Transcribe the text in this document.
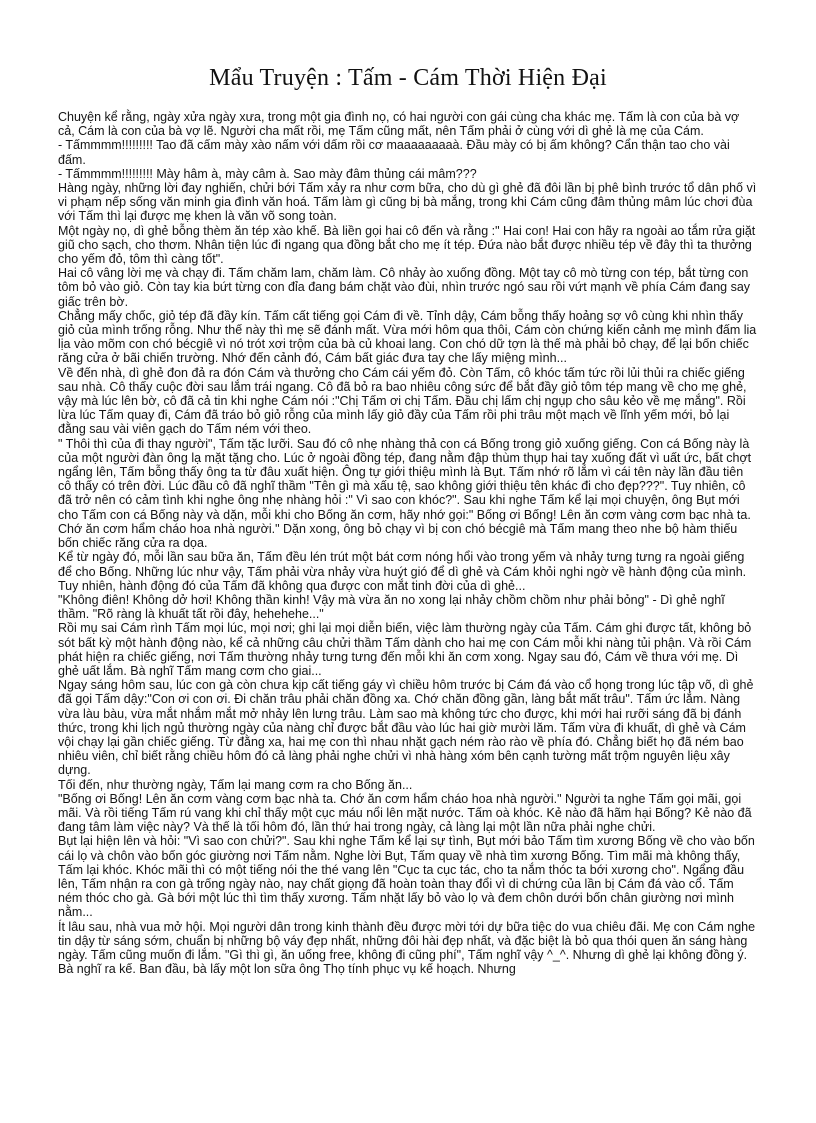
Mẩu Truyện : Tấm - Cám Thời Hiện Đại

Chuyện kể rằng, ngày xửa ngày xưa, trong một gia đình nọ, có hai người con gái cùng cha khác mẹ. Tấm là con của bà vợ cả, Cám là con của bà vợ lẽ. Người cha mất rồi, mẹ Tấm cũng mất, nên Tấm phải ở cùng với dì ghẻ là mẹ của Cám.

- Tấmmmm!!!!!!!!! Tao đã cấm mày xào nấm với dấm rồi cơ maaaaaaaaà. Đầu mày có bị ấm không? Cẩn thận tao cho vài đấm.

- Tấmmmm!!!!!!!!! Mày hâm à, mày câm à. Sao mày đâm thủng cái mâm???

Hàng ngày, những lời đay nghiến, chửi bới Tấm xảy ra như cơm bữa, cho dù gì ghẻ đã đôi lần bị phê bình trước tổ dân phố vì vi phạm nếp sống văn minh gia đình văn hoá. Tấm làm gì cũng bị bà mắng, trong khi Cám cũng đâm thủng mâm lúc chơi đùa với Tấm thì lại được mẹ khen là văn võ song toàn.

Một ngày nọ, dì ghẻ bỗng thèm ăn tép xào khế. Bà liền gọi hai cô đến và rằng :" Hai con! Hai con hãy ra ngoài ao tắm rửa giặt giũ cho sạch, cho thơm. Nhân tiện lúc đi ngang qua đồng bắt cho mẹ ít tép. Đứa nào bắt được nhiều tép về đây thì ta thưởng cho yếm đỏ, tôm thì càng tốt".

Hai cô vâng lời mẹ và chạy đi. Tấm chăm lam, chăm làm. Cô nhảy ào xuống đồng. Một tay cô mò từng con tép, bắt từng con tôm bỏ vào giỏ. Còn tay kia bứt từng con đỉa đang bám chặt vào đùi, nhìn trước ngó sau rồi vứt mạnh về phía Cám đang say giấc trên bờ.

Chẳng mấy chốc, giỏ tép đã đầy kín. Tấm cất tiếng gọi Cám đi về. Tỉnh dậy, Cám bỗng thấy hoảng sợ vô cùng khi nhìn thấy giỏ của mình trống rỗng. Như thế này thì mẹ sẽ đánh mất. Vừa mới hôm qua thôi, Cám còn chứng kiến cảnh mẹ mình đấm lia lịa vào mõm con chó bécgiê vì nó trót xơi trộm của bà củ khoai lang. Con chó dữ tợn là thế mà phải bỏ chạy, để lại bốn chiếc răng cửa ở bãi chiến trường. Nhớ đến cảnh đó, Cám bất giác đưa tay che lấy miệng mình...

Về đến nhà, dì ghẻ đon đả ra đón Cám và thưởng cho Cám cái yếm đỏ. Còn Tấm, cô khóc tấm tức rồi lủi thủi ra chiếc giếng sau nhà. Cô thấy cuộc đời sau lắm trái ngang. Cô đã bỏ ra bao nhiêu công sức để bắt đầy giỏ tôm tép mang về cho mẹ ghẻ, vậy mà lúc lên bờ, cô đã cả tin khi nghe Cám nói :"Chị Tấm ơi chị Tấm. Đầu chị lấm chị ngụp cho sâu kẻo về mẹ mắng". Rồi lừa lúc Tấm quay đi, Cám đã tráo bỏ giỏ rỗng của mình lấy giỏ đầy của Tấm rồi phi trâu một mạch về lĩnh yếm mới, bỏ lại đằng sau vài viên gạch do Tấm ném với theo.

" Thôi thì của đi thay người", Tấm tặc lưỡi. Sau đó cô nhẹ nhàng thả con cá Bống trong giỏ xuống giếng. Con cá Bống này là của một người đàn ông lạ mặt tặng cho. Lúc ở ngoài đồng tép, đang nằm đập thùm thụp hai tay xuống đất vì uất ức, bất chợt ngẩng lên, Tấm bỗng thấy ông ta từ đâu xuất hiện. Ông tự giới thiệu mình là Bụt. Tấm nhớ rõ lắm vì cái tên này lần đầu tiên cô thấy có trên đời. Lúc đầu cô đã nghĩ thầm "Tên gì mà xấu tệ, sao không giới thiệu tên khác đi cho đẹp???". Tuy nhiên, cô đã trở nên có cảm tình khi nghe ông nhẹ nhàng hỏi :" Vì sao con khóc?". Sau khi nghe Tấm kể lại mọi chuyện, ông Bụt mới cho Tấm con cá Bống này và dặn, mỗi khi cho Bống ăn cơm, hãy nhớ gọi:" Bống ơi Bống! Lên ăn cơm vàng cơm bạc nhà ta. Chớ ăn cơm hẩm cháo hoa nhà người." Dặn xong, ông bỏ chạy vì bị con chó bécgiê mà Tấm mang theo nhe bộ hàm thiếu bốn chiếc răng cửa ra dọa.

Kể từ ngày đó, mỗi lần sau bữa ăn, Tấm đều lén trút một bát cơm nóng hổi vào trong yếm và nhảy tưng tưng ra ngoài giếng để cho Bống. Những lúc như vậy, Tấm phải vừa nhảy vừa huýt gió để dì ghẻ và Cám khỏi nghi ngờ về hành động của mình. Tuy nhiên, hành động đó của Tấm đã không qua được con mắt tinh đời của dì ghẻ...

"Không điên! Không dở hơi! Không thần kinh! Vậy mà vừa ăn no xong lại nhảy chồm chồm như phải bỏng" - Dì ghẻ nghĩ thầm. "Rõ ràng là khuất tất rồi đây, hehehehe..."

Rồi mụ sai Cám rình Tấm mọi lúc, mọi nơi; ghi lại mọi diễn biến, việc làm thường ngày của Tấm. Cám ghi được tất, không bỏ sót bất kỳ một hành động nào, kể cả những câu chửi thầm Tấm dành cho hai mẹ con Cám mỗi khi nàng tủi phận. Và rồi Cám phát hiện ra chiếc giếng, nơi Tấm thường nhảy tưng tưng đến mỗi khi ăn cơm xong. Ngay sau đó, Cám về thưa với mẹ. Dì ghẻ uất lắm. Bà nghĩ Tấm mang cơm cho giai...

Ngay sáng hôm sau, lúc con gà còn chưa kịp cất tiếng gáy vì chiều hôm trước bị Cám đá vào cổ họng trong lúc tập võ, dì ghẻ đã gọi Tấm dậy:"Con ơi con ơi. Đi chăn trâu phải chăn đồng xa. Chớ chăn đồng gần, làng bắt mất trâu". Tấm ức lắm. Nàng vừa làu bàu, vừa mắt nhắm mắt mở nhảy lên lưng trâu. Làm sao mà không tức cho được, khi mới hai rưỡi sáng đã bị đánh thức, trong khi lịch ngủ thường ngày của nàng chỉ được bắt đầu vào lúc hai giờ mười lăm. Tấm vừa đi khuất, dì ghẻ và Cám vội chạy lại gần chiếc giếng. Từ đằng xa, hai mẹ con thì nhau nhặt gạch ném rào rào về phía đó. Chẳng biết họ đã ném bao nhiêu viên, chỉ biết rằng chiều hôm đó cả làng phải nghe chửi vì nhà hàng xóm bên cạnh tường mất trộm nguyên liệu xây dựng.

Tối đến, như thường ngày, Tấm lại mang cơm ra cho Bống ăn...

"Bống ơi Bống! Lên ăn cơm vàng cơm bạc nhà ta. Chớ ăn cơm hẩm cháo hoa nhà người." Người ta nghe Tấm gọi mãi, gọi mãi. Và rồi tiếng Tấm rú vang khi chỉ thấy một cục máu nổi lên mặt nước. Tấm oà khóc. Kẻ nào đã hãm hại Bống? Kẻ nào đã đang tâm làm việc này? Và thế là tối hôm đó, lần thứ hai trong ngày, cả làng lại một lần nữa phải nghe chửi.

Bụt lại hiện lên và hỏi: "Vì sao con chửi?". Sau khi nghe Tấm kể lại sự tình, Bụt mới bảo Tấm tìm xương Bống về cho vào bốn cái lọ và chôn vào bốn góc giường nơi Tấm nằm. Nghe lời Bụt, Tấm quay về nhà tìm xương Bống. Tìm mãi mà không thấy, Tấm lại khóc. Khóc mãi thì có một tiếng nói the thé vang lên "Cục ta cục tác, cho ta nắm thóc ta bới xương cho". Ngẩng đầu lên, Tấm nhận ra con gà trống ngày nào, nay chất giọng đã hoàn toàn thay đổi vì di chứng của lần bị Cám đá vào cổ. Tấm ném thóc cho gà. Gà bới một lúc thì tìm thấy xương. Tấm nhặt lấy bỏ vào lọ và đem chôn dưới bốn chân giường nơi mình nằm...

Ít lâu sau, nhà vua mở hội. Mọi người dân trong kinh thành đều được mời tới dự bữa tiệc do vua chiêu đãi. Mẹ con Cám nghe tin dậy từ sáng sớm, chuẩn bị những bộ váy đẹp nhất, những đôi hài đẹp nhất, và đặc biệt là bỏ qua thói quen ăn sáng hàng ngày. Tấm cũng muốn đi lắm. "Gì thì gì, ăn uống free, không đi cũng phí", Tấm nghĩ vậy ^_^. Nhưng dì ghẻ lại không đồng ý. Bà nghĩ ra kế. Ban đầu, bà lấy một lon sữa ông Thọ tính phục vụ kế hoạch. Nhưng
